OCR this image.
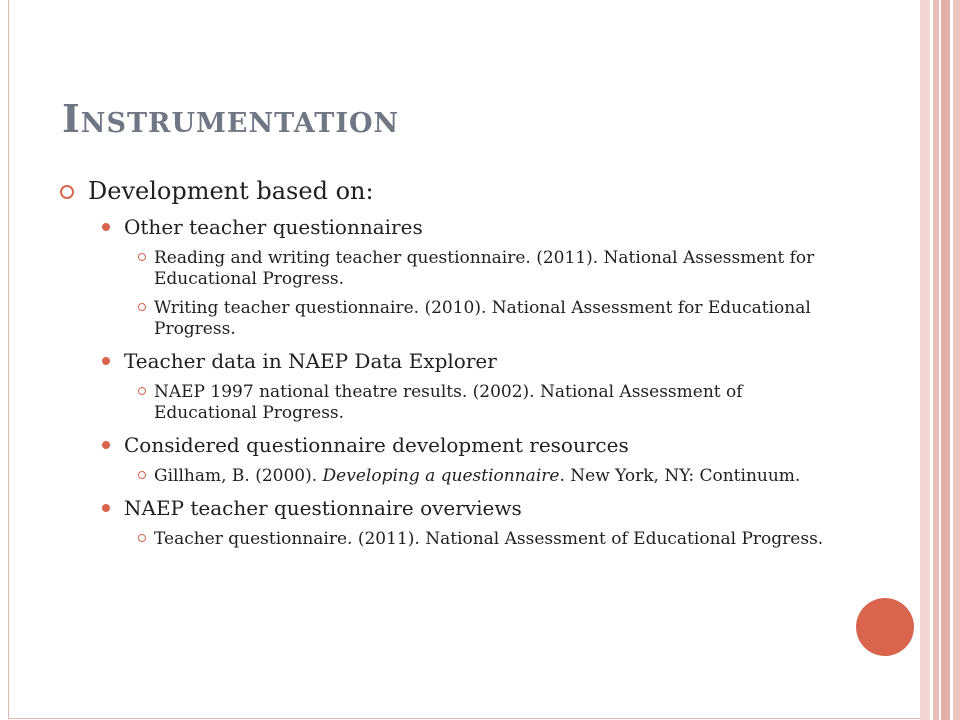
Instrumentation
Development based on:
Other teacher questionnaires
Reading and writing teacher questionnaire. (2011). National Assessment for Educational Progress.
Writing teacher questionnaire. (2010). National Assessment for Educational Progress.
Teacher data in NAEP Data Explorer
NAEP 1997 national theatre results. (2002). National Assessment of Educational Progress.
Considered questionnaire development resources
Gillham, B. (2000). Developing a questionnaire. New York, NY: Continuum.
NAEP teacher questionnaire overviews
Teacher questionnaire. (2011). National Assessment of Educational Progress.
